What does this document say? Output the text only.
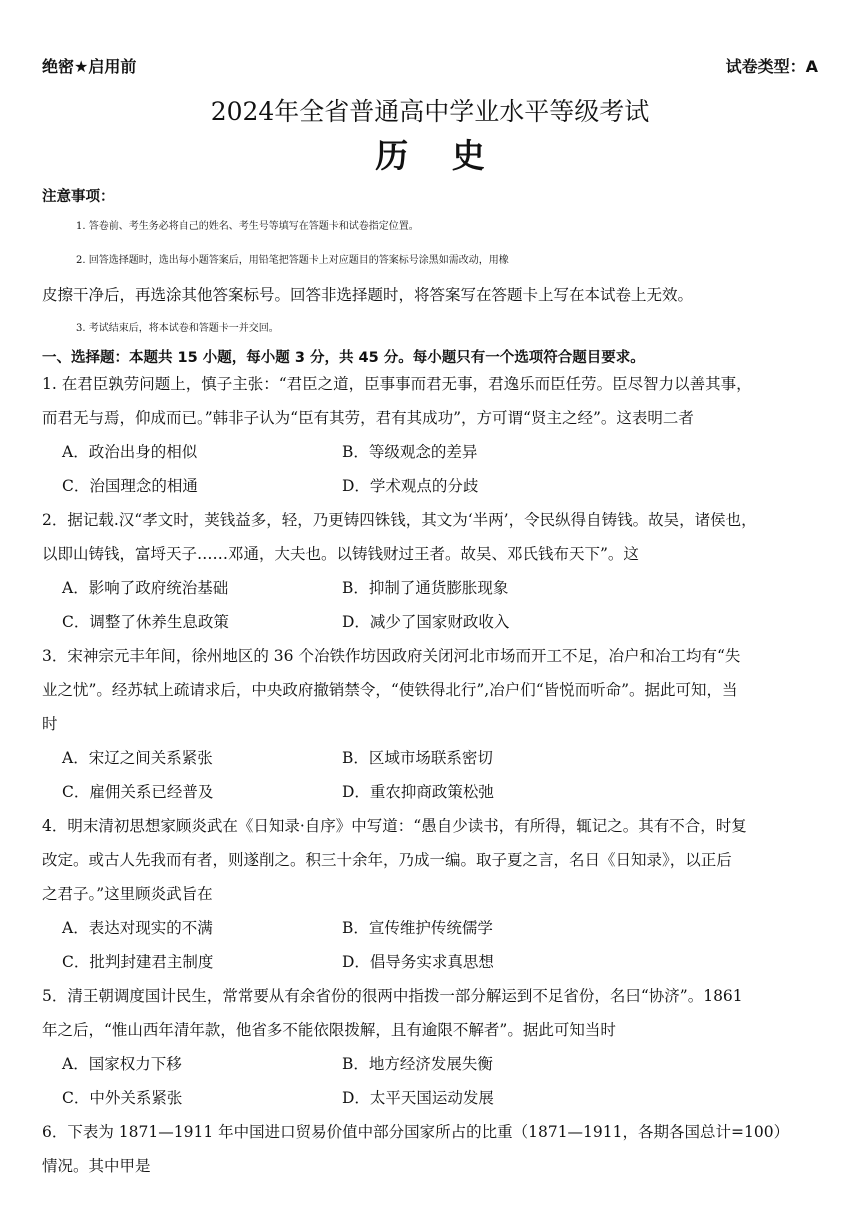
绝密★启用前	试卷类型：A
2024年全省普通高中学业水平等级考试
历 史
注意事项：
1. 答卷前、考生务必将自己的姓名、考生号等填写在答题卡和试卷指定位置。
2. 回答选择题时，选出每小题答案后，用铅笔把答题卡上对应题目的答案标号涂黑如需改动，用橡
皮擦干净后，再选涂其他答案标号。回答非选择题时，将答案写在答题卡上写在本试卷上无效。
3. 考试结束后，将本试卷和答题卡一并交回。
一、选择题：本题共 15 小题，每小题 3 分，共 45 分。每小题只有一个选项符合题目要求。
1. 在君臣孰劳问题上，慎子主张：“君臣之道，臣事事而君无事，君逸乐而臣任劳。臣尽智力以善其事，
而君无与焉，仰成而已。”韩非子认为“臣有其劳，君有其成功”，方可谓“贤主之经”。这表明二者
A．政治出身的相似	B．等级观念的差异
C．治国理念的相通	D．学术观点的分歧
2．据记载.汉“孝文时，荚钱益多，轻，乃更铸四铢钱，其文为‘半两’，令民纵得自铸钱。故吴，诸侯也，
以即山铸钱，富埒天子……邓通，大夫也。以铸钱财过王者。故吴、邓氏钱布天下”。这
A．影响了政府统治基础	B．抑制了通货膨胀现象
C．调整了休养生息政策	D．减少了国家财政收入
3．宋神宗元丰年间，徐州地区的 36 个冶铁作坊因政府关闭河北市场而开工不足，冶户和冶工均有“失
业之忧”。经苏轼上疏请求后，中央政府撤销禁令，“使铁得北行”,冶户们“皆悦而听命”。据此可知，当
时
A．宋辽之间关系紧张	B．区域市场联系密切
C．雇佣关系已经普及	D．重农抑商政策松弛
4．明末清初思想家顾炎武在《日知录·自序》中写道：“愚自少读书，有所得，辄记之。其有不合，时复
改定。或古人先我而有者，则遂削之。积三十余年，乃成一编。取子夏之言，名日《日知录》，以正后
之君子。”这里顾炎武旨在
A．表达对现实的不满	B．宣传维护传统儒学
C．批判封建君主制度	D．倡导务实求真思想
5．清王朝调度国计民生，常常要从有余省份的很两中指拨一部分解运到不足省份，名曰“协济”。1861
年之后，“惟山西年清年款，他省多不能依限拨解，且有逾限不解者”。据此可知当时
A．国家权力下移	B．地方经济发展失衡
C．中外关系紧张	D．太平天国运动发展
6．下表为 1871—1911 年中国进口贸易价值中部分国家所占的比重（1871—1911，各期各国总计=100）
情况。其中甲是
